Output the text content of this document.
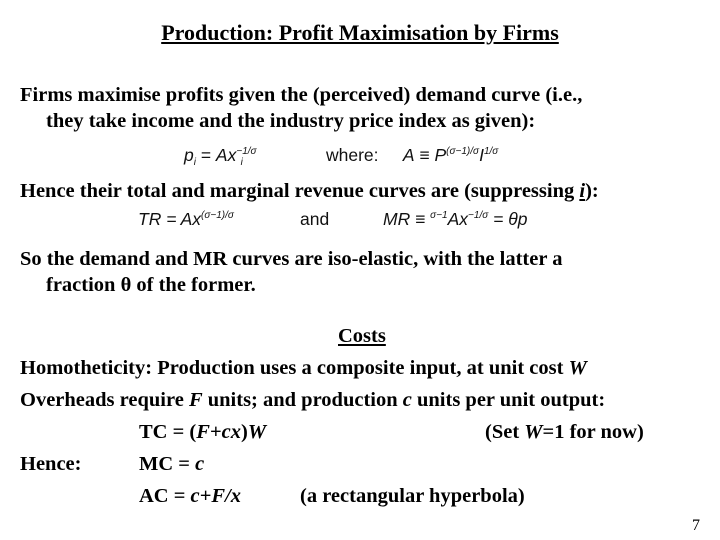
Production: Profit Maximisation by Firms
Firms maximise profits given the (perceived) demand curve (i.e.,
they take income and the industry price index as given):
$p_i = Ax^{-1/\sigma}_i$	where: $A \equiv P^{(\sigma-1)/\sigma}I^{1/\sigma}$
Hence their total and marginal revenue curves are (suppressing i):
TR = $Ax^{(\sigma-1)/\sigma}$	and	MR ≡ $^{\sigma-1}Ax^{-1/\sigma} = \theta p$
So the demand and MR curves are iso-elastic, with the latter a
fraction θ of the former.
Costs
Homotheticity: Production uses a composite input, at unit cost W
Overheads require F units; and production c units per unit output:
TC = (F+cx)W	(Set W=1 for now)
Hence:	MC = c
AC = c+F/x	(a rectangular hyperbola)
7
